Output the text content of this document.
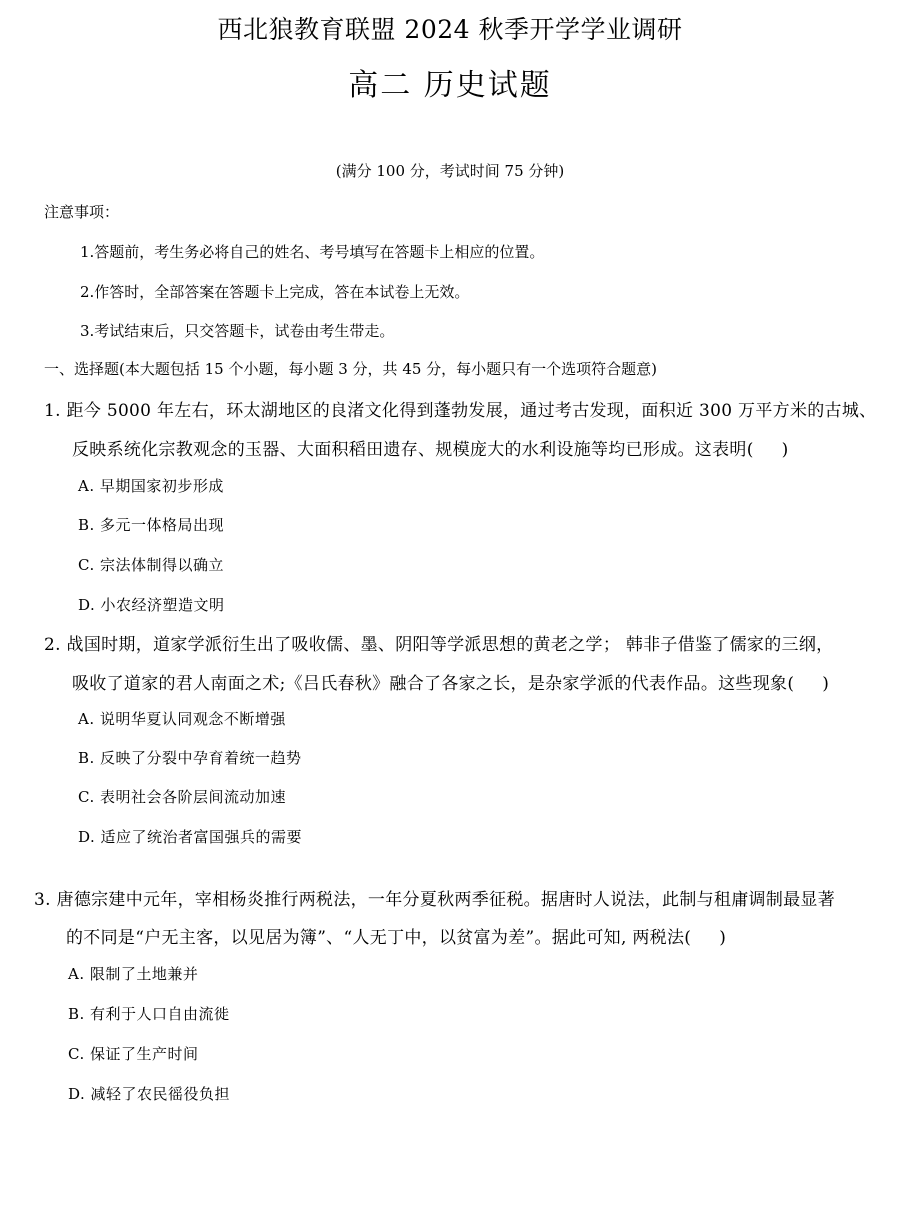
西北狼教育联盟 2024 秋季开学学业调研
高二 历史试题
(满分 100 分，考试时间 75 分钟)
注意事项：
1.答题前，考生务必将自己的姓名、考号填写在答题卡上相应的位置。
2.作答时，全部答案在答题卡上完成，答在本试卷上无效。
3.考试结束后，只交答题卡，试卷由考生带走。
一、选择题(本大题包括 15 个小题，每小题 3 分，共 45 分，每小题只有一个选项符合题意)
1. 距今 5000 年左右，环太湖地区的良渚文化得到蓬勃发展，通过考古发现，面积近 300 万平方米的古城、
反映系统化宗教观念的玉器、大面积稻田遗存、规模庞大的水利设施等均已形成。这表明( )
A. 早期国家初步形成
B. 多元一体格局出现
C. 宗法体制得以确立
D. 小农经济塑造文明
2. 战国时期，道家学派衍生出了吸收儒、墨、阴阳等学派思想的黄老之学； 韩非子借鉴了儒家的三纲，
吸收了道家的君人南面之术;《吕氏春秋》融合了各家之长，是杂家学派的代表作品。这些现象( )
A. 说明华夏认同观念不断增强
B. 反映了分裂中孕育着统一趋势
C. 表明社会各阶层间流动加速
D. 适应了统治者富国强兵的需要
3. 唐德宗建中元年，宰相杨炎推行两税法，一年分夏秋两季征税。据唐时人说法，此制与租庸调制最显著
的不同是“户无主客，以见居为簿”、“人无丁中，以贫富为差”。据此可知, 两税法( )
A. 限制了土地兼并
B. 有利于人口自由流徙
C. 保证了生产时间
D. 减轻了农民徭役负担
